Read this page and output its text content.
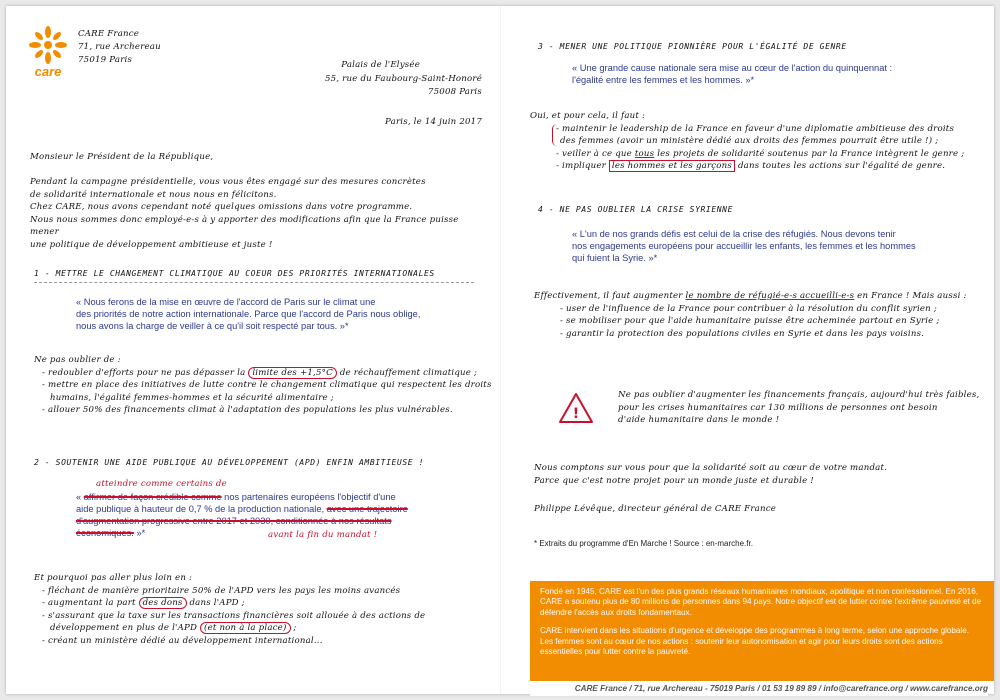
care
CARE France
71, rue Archereau
75019 Paris	Palais de l'Elysée
55, rue du Faubourg-Saint-Honoré
75008 Paris
Paris, le 14 juin 2017
Monsieur le Président de la République,
Pendant la campagne présidentielle, vous vous êtes engagé sur des mesures concrètes
de solidarité internationale et nous nous en félicitons.
Chez CARE, nous avons cependant noté quelques omissions dans votre programme.
Nous nous sommes donc employé-e-s à y apporter des modifications afin que la France puisse mener
une politique de développement ambitieuse et juste !
1 - METTRE LE CHANGEMENT CLIMATIQUE AU COEUR DES PRIORITÉS INTERNATIONALES
« Nous ferons de la mise en œuvre de l'accord de Paris sur le climat une
des priorités de notre action internationale. Parce que l'accord de Paris nous oblige,
nous avons la charge de veiller à ce qu'il soit respecté par tous. »*
Ne pas oublier de :
- redoubler d'efforts pour ne pas dépasser la limite des +1,5°C de réchauffement climatique ;
- mettre en place des initiatives de lutte contre le changement climatique qui respectent les droits
humains, l'égalité femmes-hommes et la sécurité alimentaire ;
- allouer 50% des financements climat à l'adaptation des populations les plus vulnérables.
2 - SOUTENIR UNE AIDE PUBLIQUE AU DÉVELOPPEMENT (APD) ENFIN AMBITIEUSE !
atteindre comme certains de
« affirmer de façon crédible comme nos partenaires européens l'objectif d'une
aide publique à hauteur de 0,7 % de la production nationale, avec une trajectoire
d'augmentation progressive entre 2017 et 2030, conditionnée à nos résultats
économiques. »*	avant la fin du mandat !
Et pourquoi pas aller plus loin en :
- fléchant de manière prioritaire 50% de l'APD vers les pays les moins avancés
- augmentant la part des dons dans l'APD ;
- s'assurant que la taxe sur les transactions financières soit allouée à des actions de
développement en plus de l'APD (et non à la place) ;
- créant un ministère dédié au développement international...
3 - MENER UNE POLITIQUE PIONNIÈRE POUR L'ÉGALITÉ DE GENRE
« Une grande cause nationale sera mise au cœur de l'action du quinquennat :
l'égalité entre les femmes et les hommes. »*
Oui, et pour cela, il faut :
- maintenir le leadership de la France en faveur d'une diplomatie ambitieuse des droits
des femmes (avoir un ministère dédié aux droits des femmes pourrait être utile !) ;
- veiller à ce que tous les projets de solidarité soutenus par la France intègrent le genre ;
- impliquer les hommes et les garçons dans toutes les actions sur l'égalité de genre.
4 - NE PAS OUBLIER LA CRISE SYRIENNE
« L'un de nos grands défis est celui de la crise des réfugiés. Nous devons tenir
nos engagements européens pour accueillir les enfants, les femmes et les hommes
qui fuient la Syrie. »*
Effectivement, il faut augmenter le nombre de réfugié-e-s accueilli-e-s en France ! Mais aussi :
- user de l'influence de la France pour contribuer à la résolution du conflit syrien ;
- se mobiliser pour que l'aide humanitaire puisse être acheminée partout en Syrie ;
- garantir la protection des populations civiles en Syrie et dans les pays voisins.
!
Ne pas oublier d'augmenter les financements français, aujourd'hui très faibles,
pour les crises humanitaires car 130 millions de personnes ont besoin
d'aide humanitaire dans le monde !
Nous comptons sur vous pour que la solidarité soit au cœur de votre mandat.
Parce que c'est notre projet pour un monde juste et durable !
Philippe Lévêque, directeur général de CARE France
* Extraits du programme d'En Marche ! Source : en-marche.fr.
Fondé en 1945, CARE est l'un des plus grands réseaux humanitaires mondiaux, apolitique et non confessionnel. En 2016, CARE a soutenu plus de 80 millions de personnes dans 94 pays. Notre objectif est de lutter contre l'extrême pauvreté et de défendre l'accès aux droits fondamentaux.
CARE intervient dans les situations d'urgence et développe des programmes à long terme, selon une approche globale. Les femmes sont au cœur de nos actions : soutenir leur autonomisation et agir pour leurs droits sont des actions essentielles pour lutter contre la pauvreté.
CARE France / 71, rue Archereau - 75019 Paris / 01 53 19 89 89 / info@carefrance.org / www.carefrance.org
